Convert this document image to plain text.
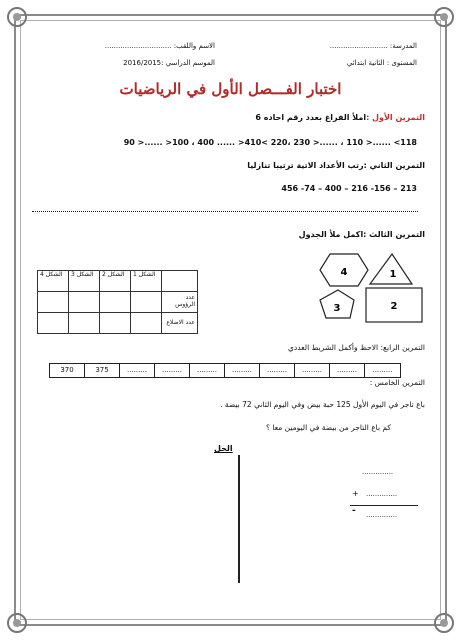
المدرسة: ..........................
الاسم واللقب: ..............................
المستوى : الثانية ابتدائي
الموسم الدراسي :2016/2015
اختبار الفـــصل الأول في الرياضيات
التمرين الأول :املأ الفراغ بعدد رقم احاده 6
118> ......< 110 ، ......< 230 ،220 >410< ...... 400 ، 100< ......< 90
التمرين الثاني :رتب الأعداد الاتية ترتيبا تنازليا
213 – 156- 216 – 400 – 74- 456
التمرين الثالث :اكمل ملأ الجدول
الشكل 4	الشكل 3	الشكل 2	الشكل 1	
				عدد الرؤوس
				عدد الاضلاع
4	1
3	2
التمرين الرابع: الاحظ وأكمل الشريط العددي
370	375	.........	.........	.........	.........	.........	.........	.........	.........
التمرين الخامس :
باع تاجر في اليوم الأول 125 حبة بيض وفي اليوم الثاني 72 بيضة .
كم باع التاجر من بيضة في اليومين معا ؟
الحل
..............
+ ..............
- ..............
